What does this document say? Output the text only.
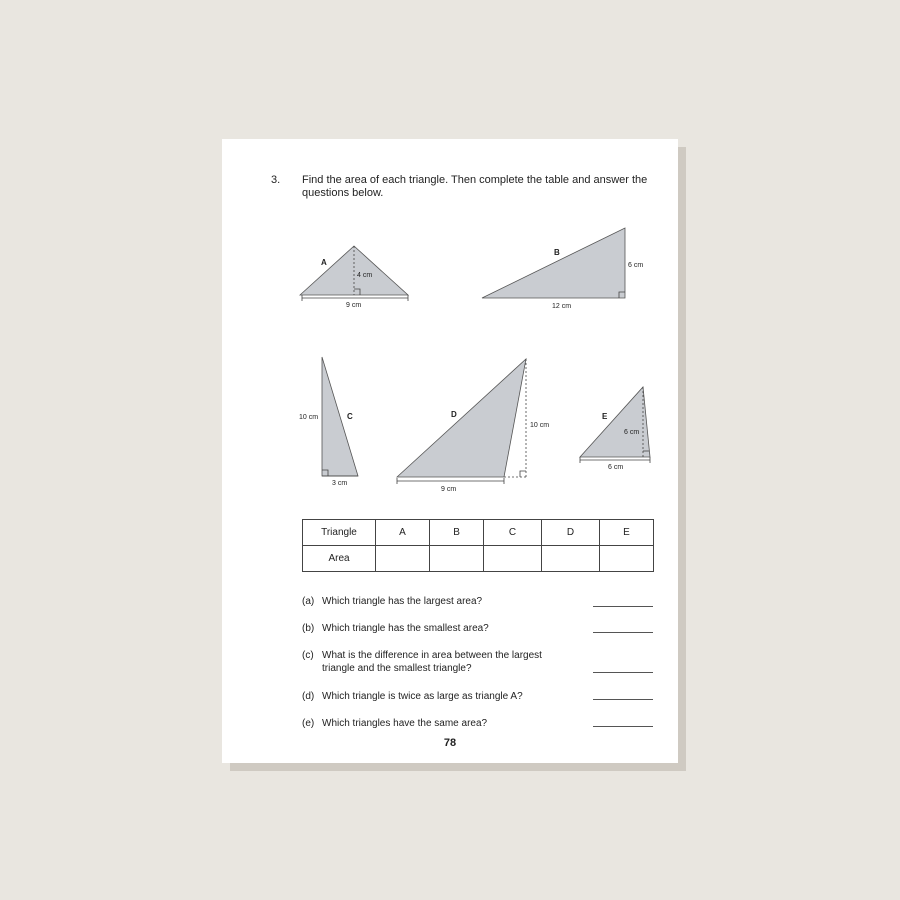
3. Find the area of each triangle. Then complete the table and answer the questions below.
A
4 cm
9 cm
B
6 cm
12 cm
C
10 cm
3 cm
D
10 cm
9 cm
E
6 cm
6 cm
Triangle	A	B	C	D	E
Area					
(a) Which triangle has the largest area?
(b) Which triangle has the smallest area?
(c) What is the difference in area between the largest triangle and the smallest triangle?
(d) Which triangle is twice as large as triangle A?
(e) Which triangles have the same area?
78
